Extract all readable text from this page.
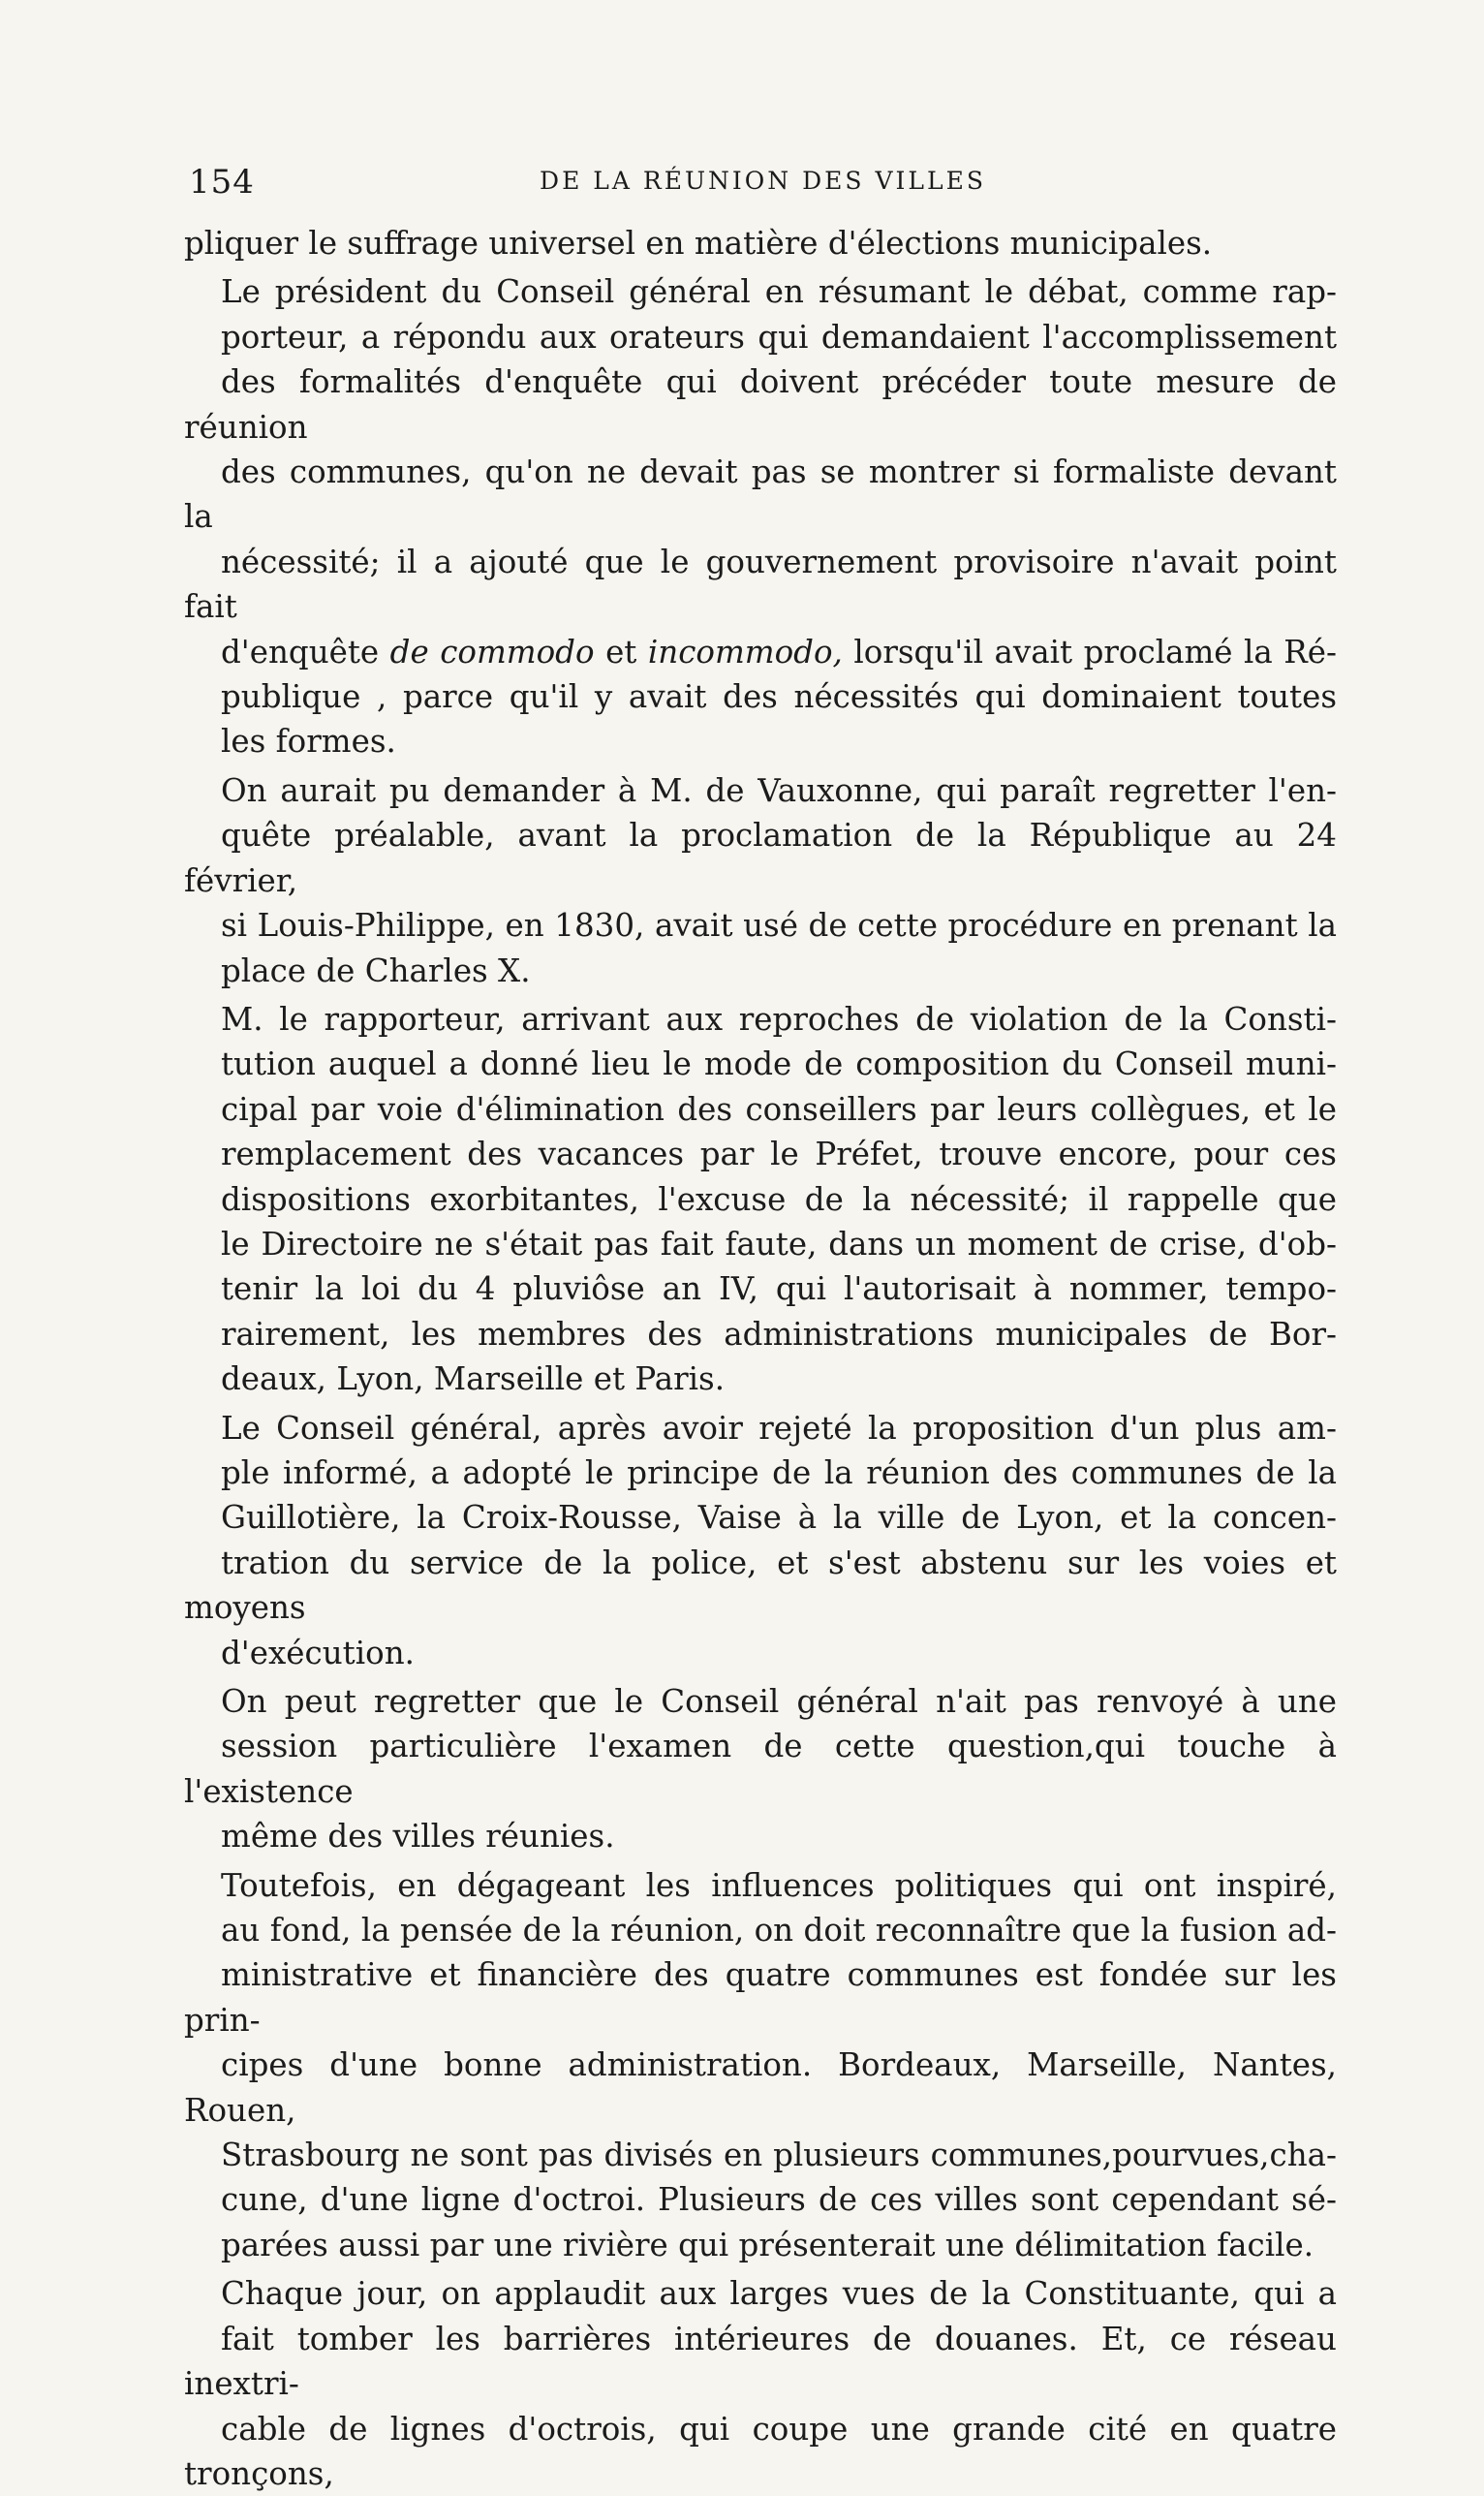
154	DE LA RÉUNION DES VILLES

pliquer le suffrage universel en matière d'élections municipales.

Le président du Conseil général en résumant le débat, comme rap-
porteur, a répondu aux orateurs qui demandaient l'accomplissement
des formalités d'enquête qui doivent précéder toute mesure de réunion
des communes, qu'on ne devait pas se montrer si formaliste devant la
nécessité; il a ajouté que le gouvernement provisoire n'avait point fait
d'enquête de commodo et incommodo, lorsqu'il avait proclamé la Ré-
publique , parce qu'il y avait des nécessités qui dominaient toutes
les formes.

On aurait pu demander à M. de Vauxonne, qui paraît regretter l'en-
quête préalable, avant la proclamation de la République au 24 février,
si Louis-Philippe, en 1830, avait usé de cette procédure en prenant la
place de Charles X.

M. le rapporteur, arrivant aux reproches de violation de la Consti-
tution auquel a donné lieu le mode de composition du Conseil muni-
cipal par voie d'élimination des conseillers par leurs collègues, et le
remplacement des vacances par le Préfet, trouve encore, pour ces
dispositions exorbitantes, l'excuse de la nécessité; il rappelle que
le Directoire ne s'était pas fait faute, dans un moment de crise, d'ob-
tenir la loi du 4 pluviôse an IV, qui l'autorisait à nommer, tempo-
rairement, les membres des administrations municipales de Bor-
deaux, Lyon, Marseille et Paris.

Le Conseil général, après avoir rejeté la proposition d'un plus am-
ple informé, a adopté le principe de la réunion des communes de la
Guillotière, la Croix-Rousse, Vaise à la ville de Lyon, et la concen-
tration du service de la police, et s'est abstenu sur les voies et moyens
d'exécution.

On peut regretter que le Conseil général n'ait pas renvoyé à une
session particulière l'examen de cette question,qui touche à l'existence
même des villes réunies.

Toutefois, en dégageant les influences politiques qui ont inspiré,
au fond, la pensée de la réunion, on doit reconnaître que la fusion ad-
ministrative et financière des quatre communes est fondée sur les prin-
cipes d'une bonne administration. Bordeaux, Marseille, Nantes, Rouen,
Strasbourg ne sont pas divisés en plusieurs communes,pourvues,cha-
cune, d'une ligne d'octroi. Plusieurs de ces villes sont cependant sé-
parées aussi par une rivière qui présenterait une délimitation facile.

Chaque jour, on applaudit aux larges vues de la Constituante, qui a
fait tomber les barrières intérieures de douanes. Et, ce réseau inextri-
cable de lignes d'octrois, qui coupe une grande cité en quatre tronçons,
